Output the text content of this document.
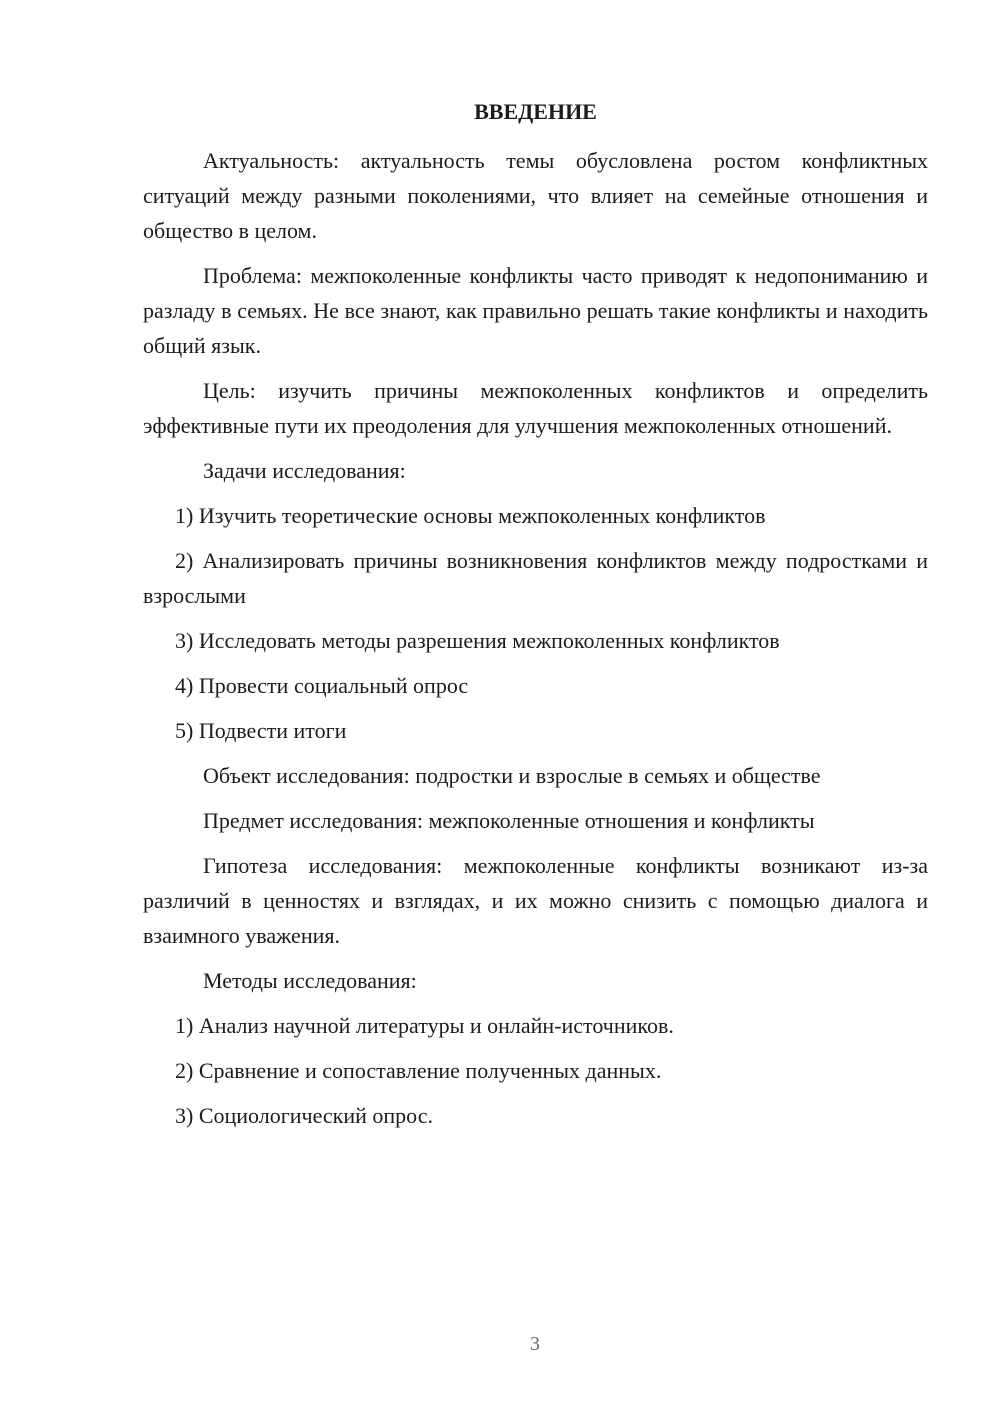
ВВЕДЕНИЕ

Актуальность: актуальность темы обусловлена ростом конфликтных ситуаций между разными поколениями, что влияет на семейные отношения и общество в целом.

Проблема: межпоколенные конфликты часто приводят к недопониманию и разладу в семьях. Не все знают, как правильно решать такие конфликты и находить общий язык.

Цель: изучить причины межпоколенных конфликтов и определить эффективные пути их преодоления для улучшения межпоколенных отношений.

Задачи исследования:

1) Изучить теоретические основы межпоколенных конфликтов

2) Анализировать причины возникновения конфликтов между подростками и взрослыми

3) Исследовать методы разрешения межпоколенных конфликтов

4) Провести социальный опрос

5) Подвести итоги

Объект исследования: подростки и взрослые в семьях и обществе

Предмет исследования: межпоколенные отношения и конфликты

Гипотеза исследования: межпоколенные конфликты возникают из-за различий в ценностях и взглядах, и их можно снизить с помощью диалога и взаимного уважения.

Методы исследования:

1) Анализ научной литературы и онлайн-источников.

2) Сравнение и сопоставление полученных данных.

3) Социологический опрос.

3
